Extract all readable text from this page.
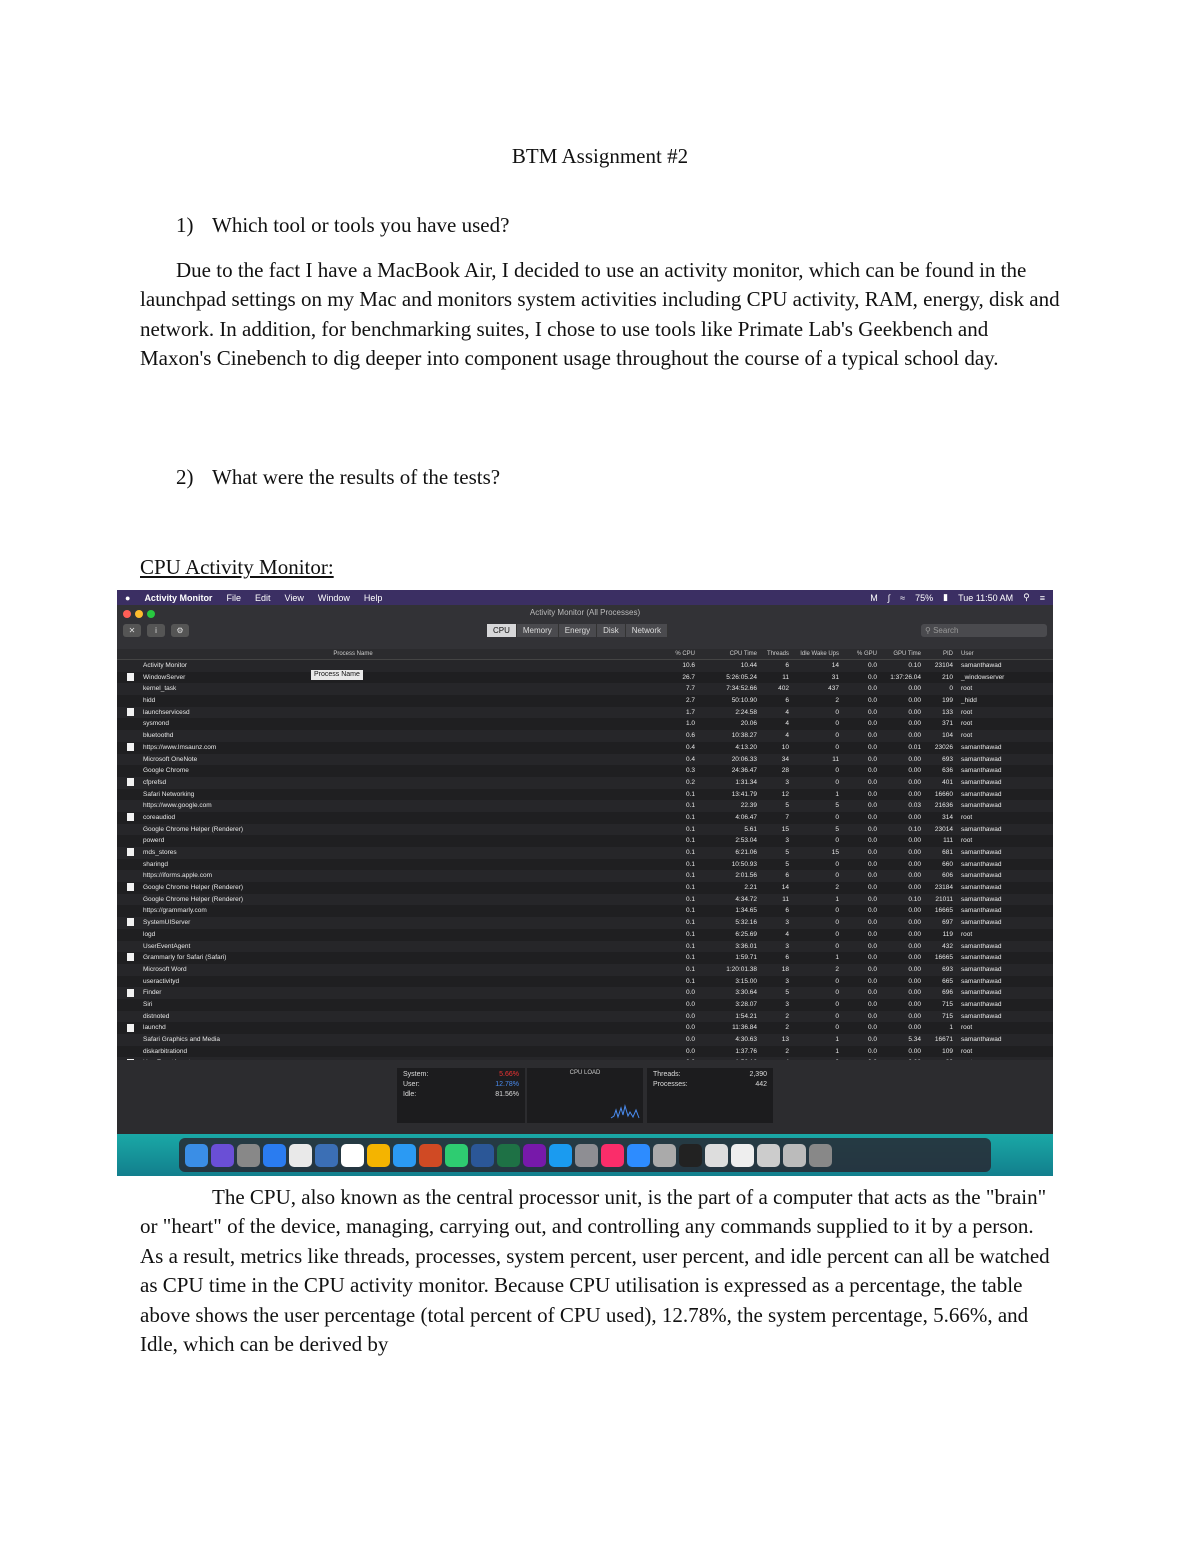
BTM Assignment #2
1) Which tool or tools you have used?

Due to the fact I have a MacBook Air, I decided to use an activity monitor, which can be found in the launchpad settings on my Mac and monitors system activities including CPU activity, RAM, energy, disk and network. In addition, for benchmarking suites, I chose to use tools like Primate Lab's Geekbench and Maxon's Cinebench to dig deeper into component usage throughout the course of a typical school day.

2) What were the results of the tests?
CPU Activity Monitor:
● Activity Monitor File Edit View Window Help	M ∫ ≈ 75% ▮ Tue 11:50 AM ⚲ ≡
Activity Monitor (All Processes)
✕	i	⚙	CPU	Memory	Energy	Disk	Network	⚲ Search
Process Name	% CPU	CPU Time	Threads	Idle Wake Ups	% GPU	GPU Time	PID	User
Activity Monitor	10.6	10.44	6	14	0.0	0.10	23104	samanthawad
WindowServer	26.7	5:26:05.24	11	31	0.0	1:37:26.04	210	_windowserver
kernel_task	7.7	7:34:52.66	402	437	0.0	0.00	0	root
hidd	2.7	50:10.90	6	2	0.0	0.00	199	_hidd
launchservicesd	1.7	2:24.58	4	0	0.0	0.00	133	root
sysmond	1.0	20.06	4	0	0.0	0.00	371	root
bluetoothd	0.6	10:38.27	4	0	0.0	0.00	104	root
https://www.lmsaunz.com	0.4	4:13.20	10	0	0.0	0.01	23026	samanthawad
Microsoft OneNote	0.4	20:06.33	34	11	0.0	0.00	693	samanthawad
Google Chrome	0.3	24:36.47	28	0	0.0	0.00	636	samanthawad
cfprefsd	0.2	1:31.34	3	0	0.0	0.00	401	samanthawad
Safari Networking	0.1	13:41.79	12	1	0.0	0.00	16660	samanthawad
https://www.google.com	0.1	22.39	5	5	0.0	0.03	21636	samanthawad
coreaudiod	0.1	4:06.47	7	0	0.0	0.00	314	root
Google Chrome Helper (Renderer)	0.1	5.61	15	5	0.0	0.10	23014	samanthawad
powerd	0.1	2:53.04	3	0	0.0	0.00	111	root
mds_stores	0.1	6:21.06	5	15	0.0	0.00	681	samanthawad
sharingd	0.1	10:50.93	5	0	0.0	0.00	660	samanthawad
https://iforms.apple.com	0.1	2:01.56	6	0	0.0	0.00	606	samanthawad
Google Chrome Helper (Renderer)	0.1	2.21	14	2	0.0	0.00	23184	samanthawad
Google Chrome Helper (Renderer)	0.1	4:34.72	11	1	0.0	0.10	21011	samanthawad
https://grammarly.com	0.1	1:34.65	6	0	0.0	0.00	16665	samanthawad
SystemUIServer	0.1	5:32.16	3	0	0.0	0.00	697	samanthawad
logd	0.1	6:25.69	4	0	0.0	0.00	119	root
UserEventAgent	0.1	3:36.01	3	0	0.0	0.00	432	samanthawad
Grammarly for Safari (Safari)	0.1	1:59.71	6	1	0.0	0.00	16665	samanthawad
Microsoft Word	0.1	1:20:01.38	18	2	0.0	0.00	693	samanthawad
useractivityd	0.1	3:15.00	3	0	0.0	0.00	665	samanthawad
Finder	0.0	3:30.64	5	0	0.0	0.00	696	samanthawad
Siri	0.0	3:28.07	3	0	0.0	0.00	715	samanthawad
distnoted	0.0	1:54.21	2	0	0.0	0.00	715	samanthawad
launchd	0.0	11:36.84	2	0	0.0	0.00	1	root
Safari Graphics and Media	0.0	4:30.63	13	1	0.0	5.34	16671	samanthawad
diskarbitrationd	0.0	1:37.76	2	1	0.0	0.00	109	root
Process Name
System:	5.66%
User:	12.78%
Idle:	81.56%
CPU LOAD	Threads:	2,390
Processes:	442

The CPU, also known as the central processor unit, is the part of a computer that acts as the "brain" or "heart" of the device, managing, carrying out, and controlling any commands supplied to it by a person. As a result, metrics like threads, processes, system percent, user percent, and idle percent can all be watched as CPU time in the CPU activity monitor. Because CPU utilisation is expressed as a percentage, the table above shows the user percentage (total percent of CPU used), 12.78%, the system percentage, 5.66%, and Idle, which can be derived by
